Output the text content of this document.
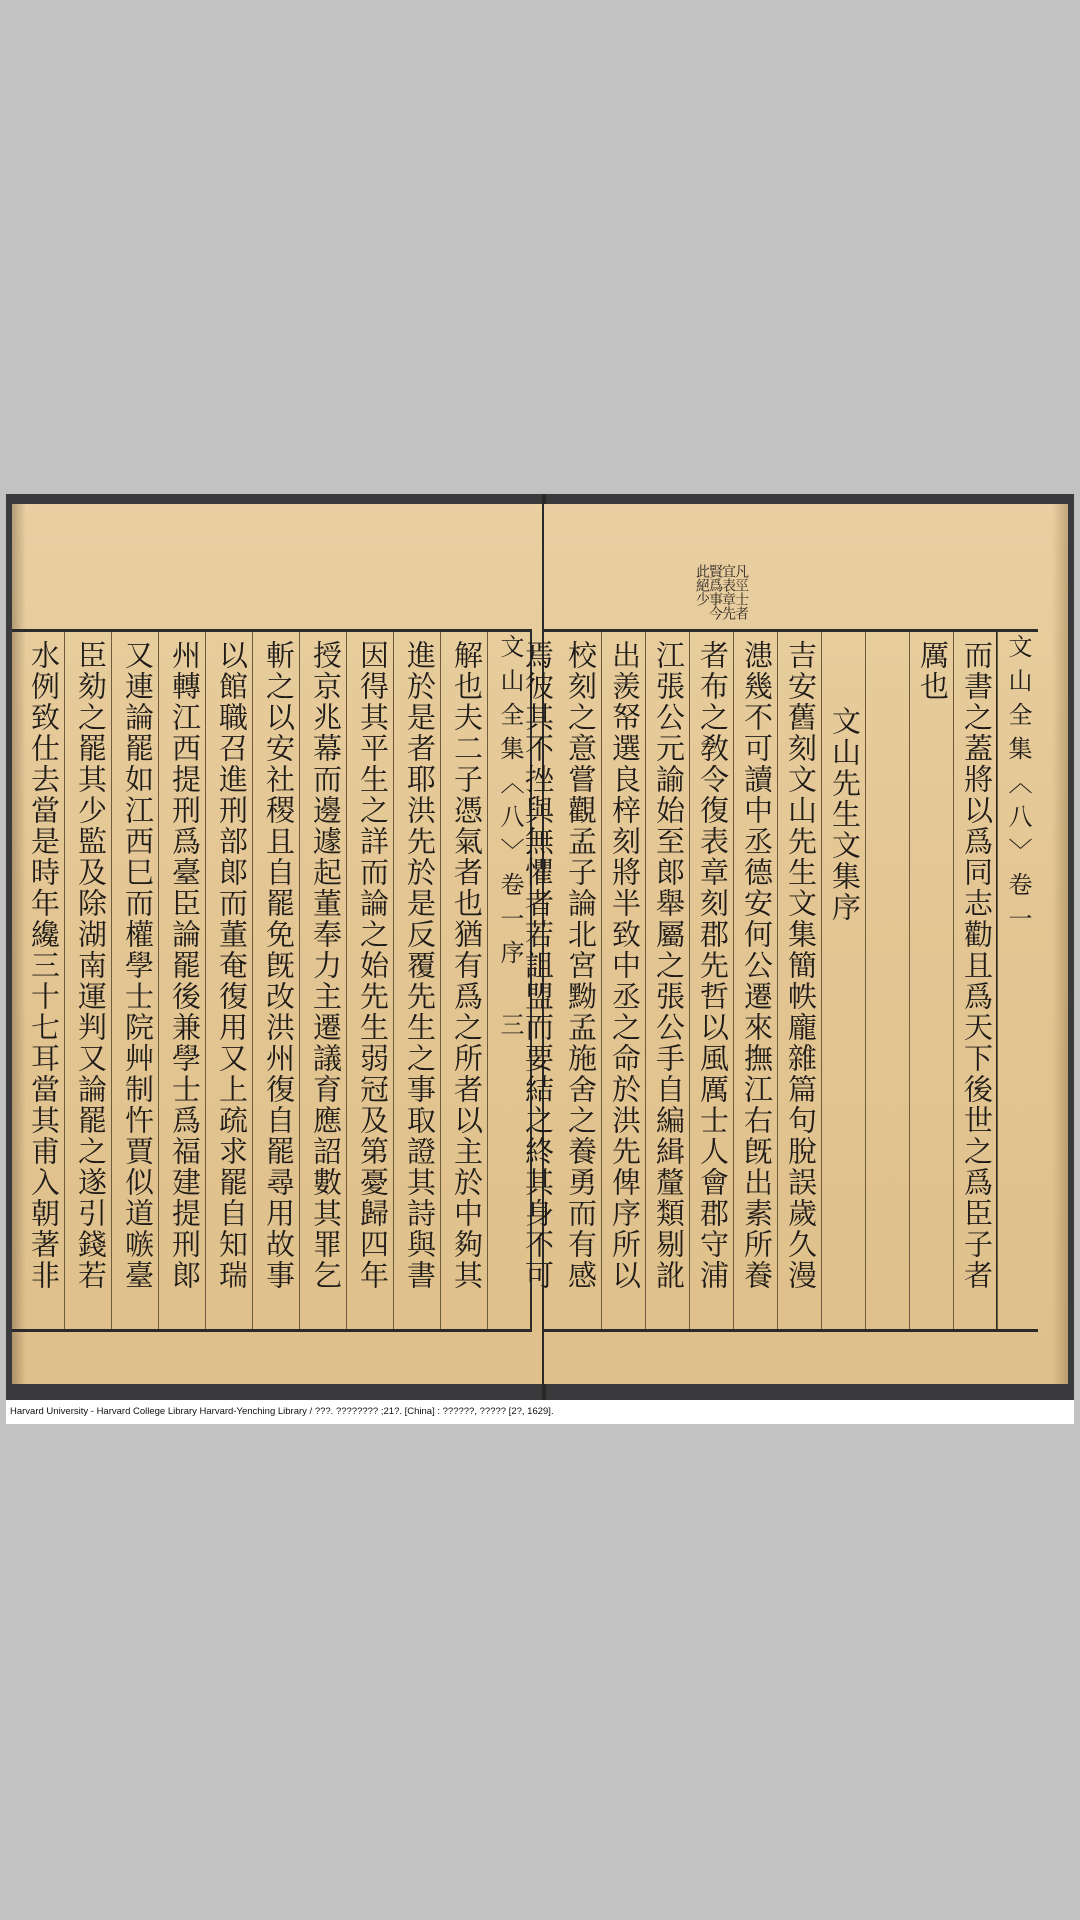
文山全集〈八〉卷一序 三
解也夫二子憑氣者也猶有爲之所者以主於中夠其
進於是者耶洪先於是反覆先生之事取證其詩與書
因得其平生之詳而論之始先生弱冠及第憂歸四年
授京兆幕而邊遽起董奉力主遷議育應詔數其罪乞
斬之以安社稷且自罷免旣改洪州復自罷尋用故事
以館職召進刑部郞而董奄復用又上疏求罷自知瑞
州轉江西提刑爲臺臣論罷後兼學士爲福建提刑郞
又連論罷如江西巳而權學士院艸制忤賈似道嗾臺
臣劾之罷其少監及除湖南運判又論罷之遂引錢若
水例致仕去當是時年纔三十七耳當其甫入朝著非
凡巠士者
宜表章先
賢爲事今
此絕少
文山全集〈八〉卷一
而書之蓋將以爲同志勸且爲天下後世之爲臣子者
厲也
文山先生文集序
吉安舊刻文山先生文集簡帙龐雜篇句脫誤歲久漫
漶幾不可讀中丞德安何公遷來撫江右旣出素所養
者布之敎令復表章刻郡先哲以風厲士人會郡守浦
江張公元諭始至郞舉屬之張公手自編緝釐類剔訛
出羨帑選良梓刻將半致中丞之命於洪先俾序所以
校刻之意嘗觀孟子論北宮黝孟施舍之養勇而有感
焉彼其不挫與無懼者若詛盟而要結之終其身不可
Harvard University - Harvard College Library Harvard-Yenching Library / ???. ???????? ;21?. [China] : ??????, ????? [2?, 1629].
